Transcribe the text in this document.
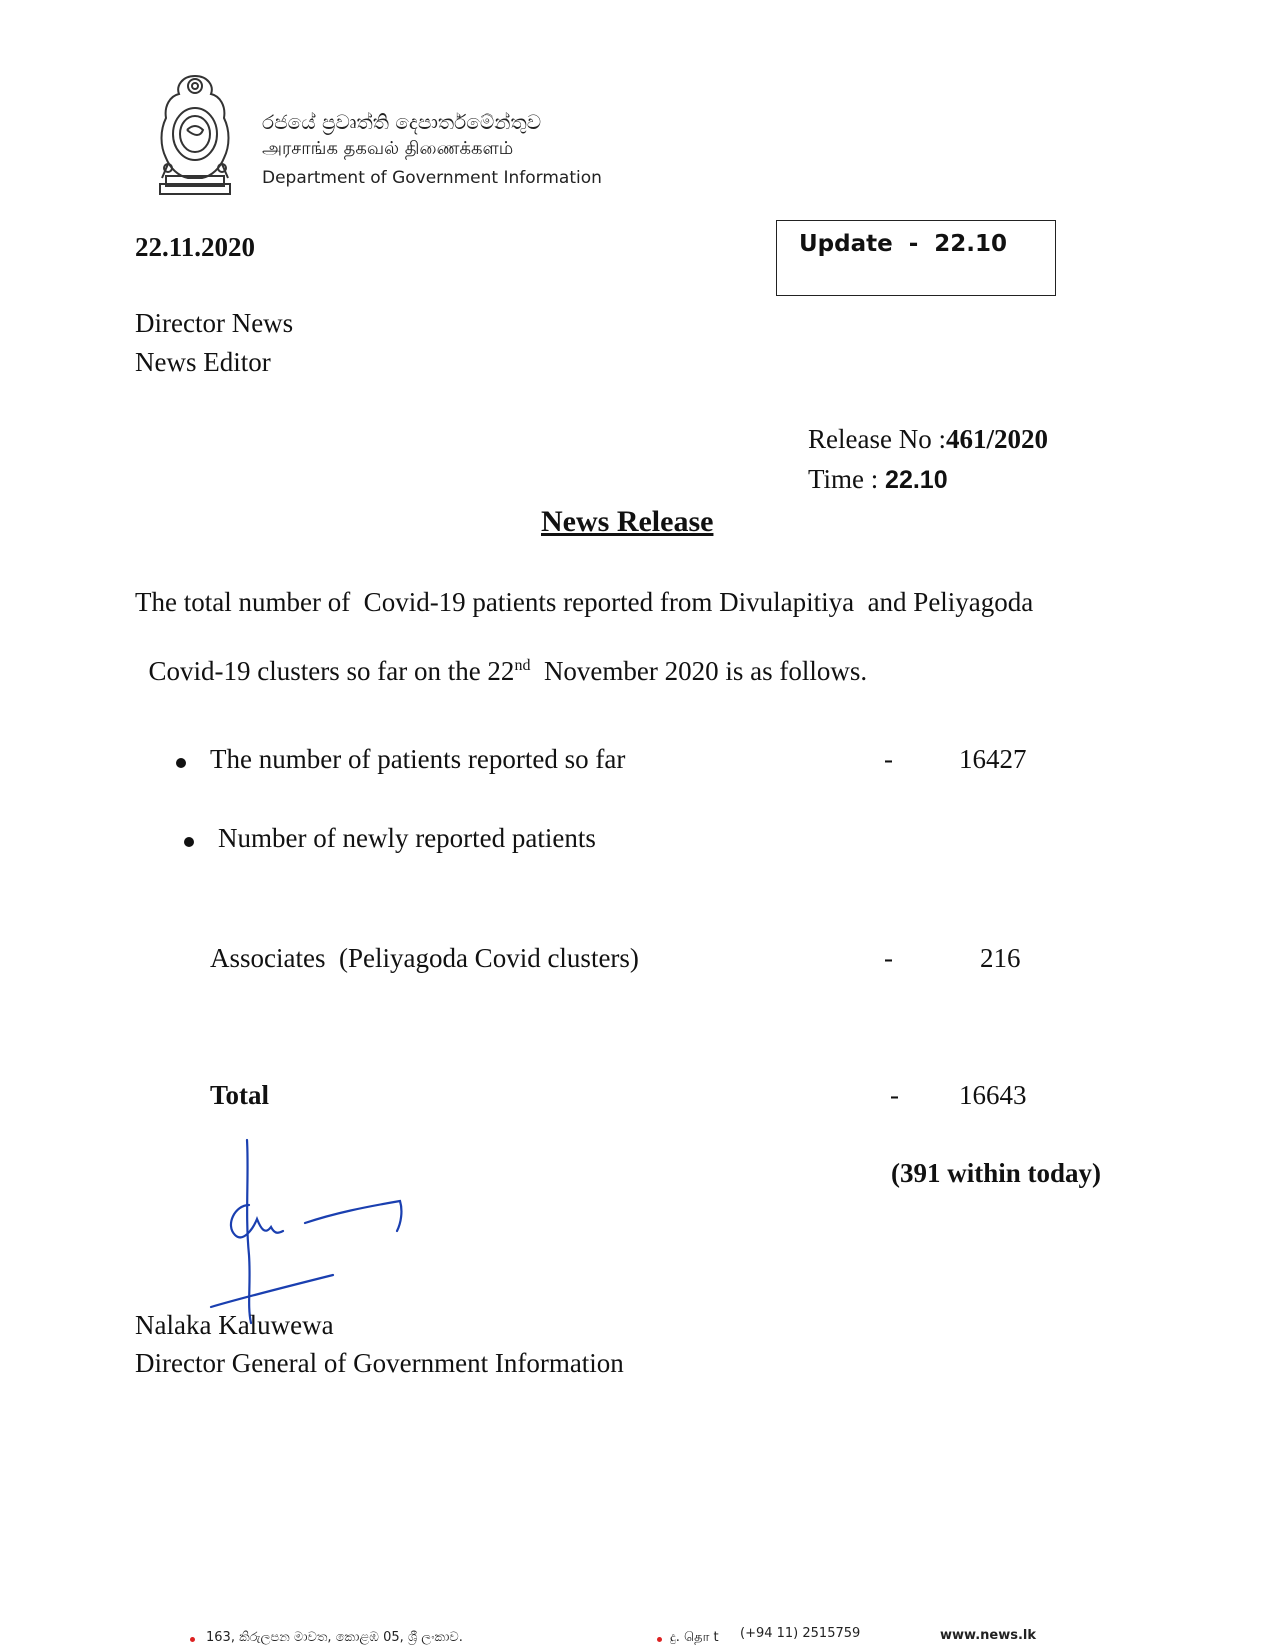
රජයේ ප්‍රවෘත්ති දෙපාර්තමේන්තුව
அரசாங்க தகவல் திணைக்களம்
Department of Government Information
22.11.2020	Update - 22.10
Director News
News Editor
Release No :461/2020
Time : 22.10
News Release
The total number of  Covid-19 patients reported from Divulapitiya  and Peliyagoda

Covid-19 clusters so far on the 22nd  November 2020 is as follows.

The number of patients reported so far	- 16427
Number of newly reported patients
Associates  (Peliyagoda Covid clusters)	-	216
Total	- 16643
(391 within today)
Nalaka Kaluwewa
Director General of Government Information
163, කිරුලපන මාවත, කොළඹ 05, ශ්‍රී ලංකාව.	දු. தொ t (+94 11) 2515759	www.news.lk
